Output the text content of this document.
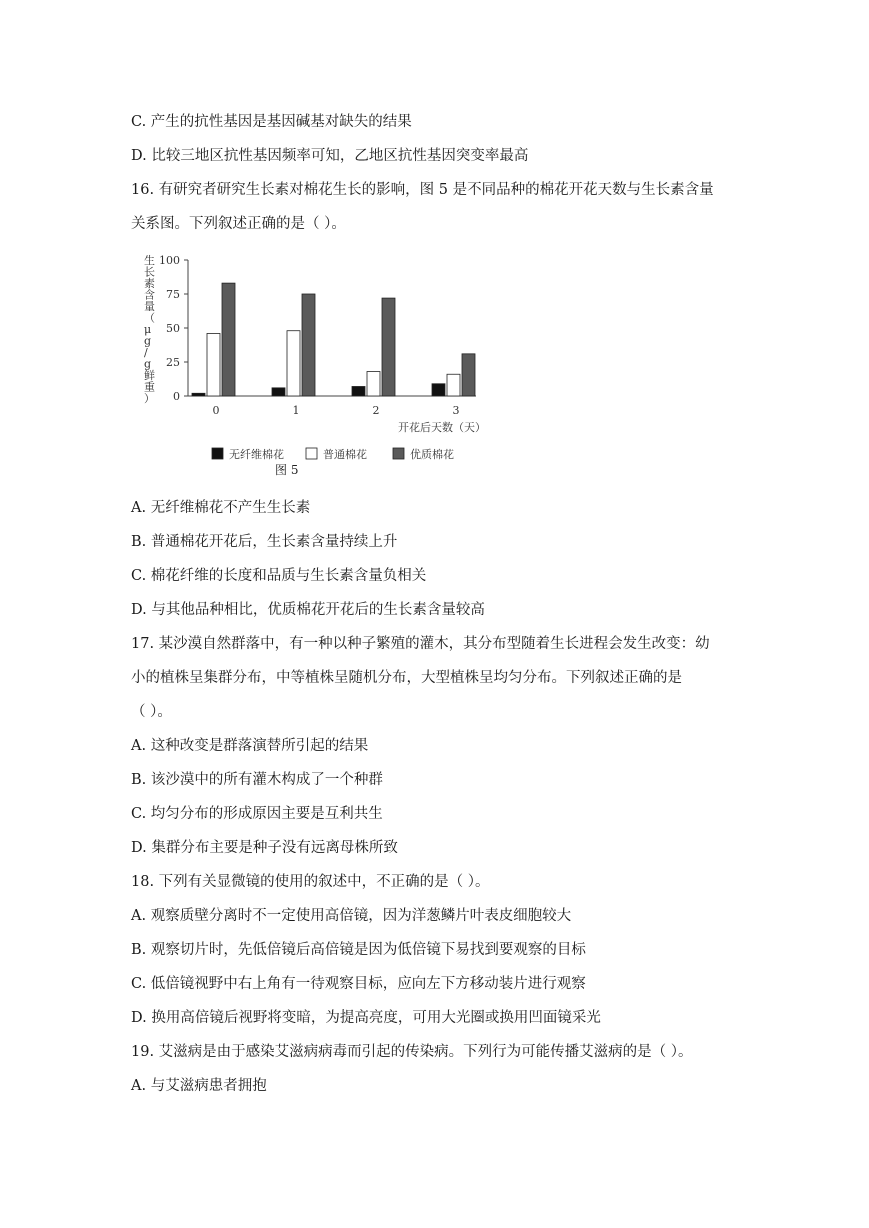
C. 产生的抗性基因是基因碱基对缺失的结果
D. 比较三地区抗性基因频率可知，乙地区抗性基因突变率最高
16. 有研究者研究生长素对棉花生长的影响，图 5 是不同品种的棉花开花天数与生长素含量
关系图。下列叙述正确的是（ ）。
生长素含量（ μ g / g 鲜重） 0
25
50
75
100
0	1	2	3
开花后天数（天）
无纤维棉花	普通棉花	优质棉花
图 5
A. 无纤维棉花不产生生长素
B. 普通棉花开花后，生长素含量持续上升
C. 棉花纤维的长度和品质与生长素含量负相关
D. 与其他品种相比，优质棉花开花后的生长素含量较高
17. 某沙漠自然群落中，有一种以种子繁殖的灌木，其分布型随着生长进程会发生改变：幼
小的植株呈集群分布，中等植株呈随机分布，大型植株呈均匀分布。下列叙述正确的是
（ ）。
A. 这种改变是群落演替所引起的结果
B. 该沙漠中的所有灌木构成了一个种群
C. 均匀分布的形成原因主要是互利共生
D. 集群分布主要是种子没有远离母株所致
18. 下列有关显微镜的使用的叙述中，不正确的是（ ）。
A. 观察质壁分离时不一定使用高倍镜，因为洋葱鳞片叶表皮细胞较大
B. 观察切片时，先低倍镜后高倍镜是因为低倍镜下易找到要观察的目标
C. 低倍镜视野中右上角有一待观察目标，应向左下方移动装片进行观察
D. 换用高倍镜后视野将变暗，为提高亮度，可用大光圈或换用凹面镜采光
19. 艾滋病是由于感染艾滋病病毒而引起的传染病。下列行为可能传播艾滋病的是（ ）。
A. 与艾滋病患者拥抱
